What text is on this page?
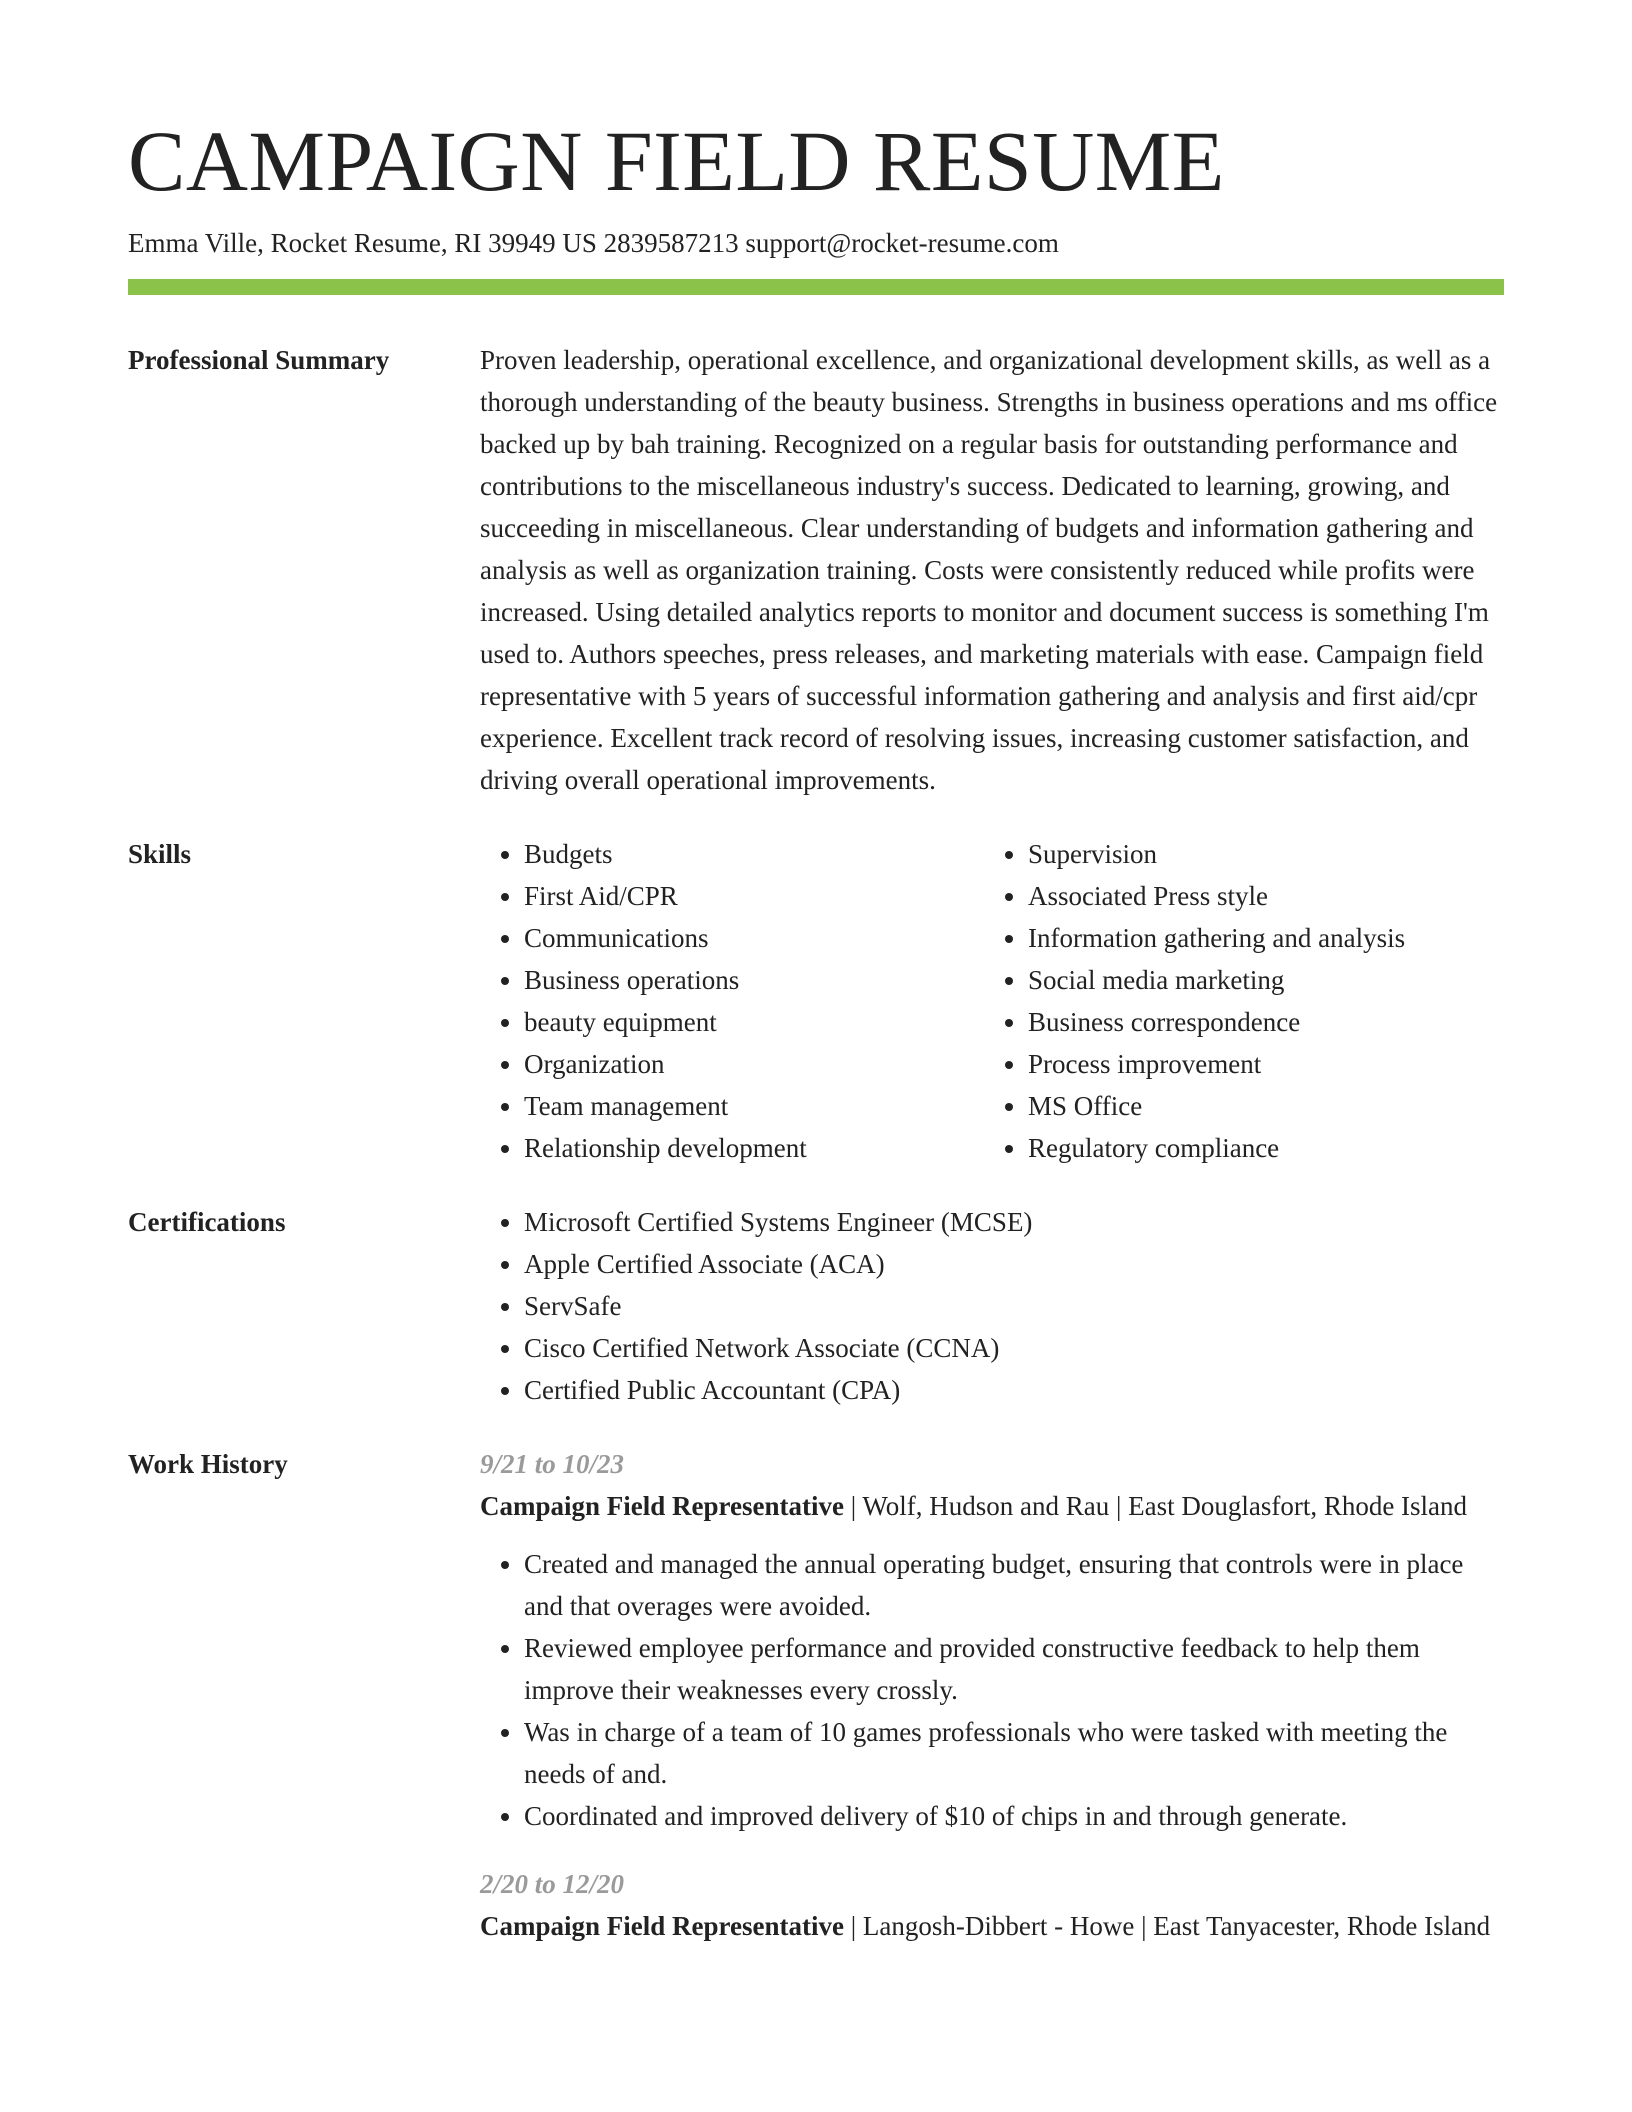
CAMPAIGN FIELD RESUME
Emma Ville, Rocket Resume, RI 39949 US 2839587213 support@rocket-resume.com
Professional Summary	Proven leadership, operational excellence, and organizational development skills, as well as a thorough understanding of the beauty business. Strengths in business operations and ms office backed up by bah training. Recognized on a regular basis for outstanding performance and contributions to the miscellaneous industry's success. Dedicated to learning, growing, and succeeding in miscellaneous. Clear understanding of budgets and information gathering and analysis as well as organization training. Costs were consistently reduced while profits were increased. Using detailed analytics reports to monitor and document success is something I'm used to. Authors speeches, press releases, and marketing materials with ease. Campaign field representative with 5 years of successful information gathering and analysis and first aid/cpr experience. Excellent track record of resolving issues, increasing customer satisfaction, and driving overall operational improvements.
Skills	• Budgets
• First Aid/CPR
• Communications
• Business operations
• beauty equipment
• Organization
• Team management
• Relationship development
• Supervision
• Associated Press style
• Information gathering and analysis
• Social media marketing
• Business correspondence
• Process improvement
• MS Office
• Regulatory compliance
Certifications	• Microsoft Certified Systems Engineer (MCSE)
• Apple Certified Associate (ACA)
• ServSafe
• Cisco Certified Network Associate (CCNA)
• Certified Public Accountant (CPA)
Work History	9/21 to 10/23
Campaign Field Representative | Wolf, Hudson and Rau | East Douglasfort, Rhode Island
• Created and managed the annual operating budget, ensuring that controls were in place and that overages were avoided.
• Reviewed employee performance and provided constructive feedback to help them improve their weaknesses every crossly.
• Was in charge of a team of 10 games professionals who were tasked with meeting the needs of and.
• Coordinated and improved delivery of $10 of chips in and through generate.
2/20 to 12/20
Campaign Field Representative | Langosh-Dibbert - Howe | East Tanyacester, Rhode Island
